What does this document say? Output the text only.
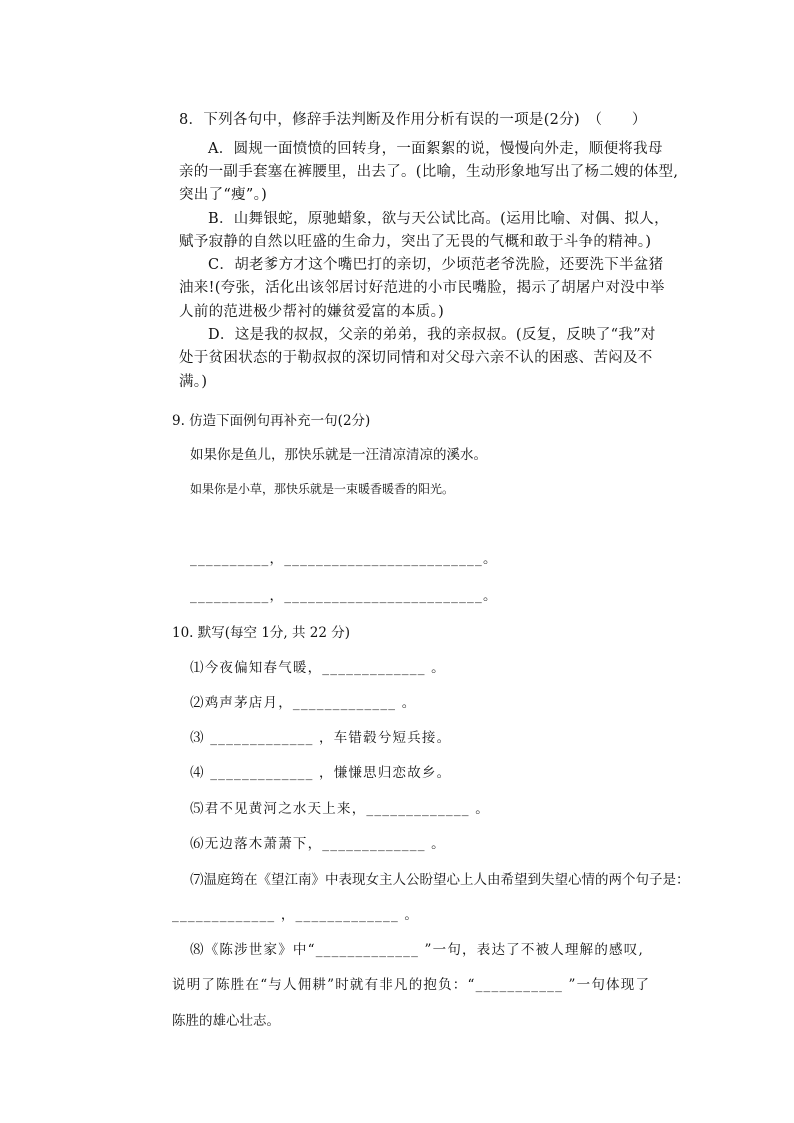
8．下列各句中，修辞手法判断及作用分析有误的一项是(2分)　（　　）
A．圆规一面愤愤的回转身，一面絮絮的说，慢慢向外走，顺便将我母
亲的一副手套塞在裤腰里，出去了。(比喻，生动形象地写出了杨二嫂的体型,
突出了“瘦”。)
B．山舞银蛇，原驰蜡象，欲与天公试比高。(运用比喻、对偶、拟人，
赋予寂静的自然以旺盛的生命力，突出了无畏的气概和敢于斗争的精神。)
C．胡老爹方才这个嘴巴打的亲切，少顷范老爷洗脸，还要洗下半盆猪
油来!(夸张，活化出该邻居讨好范进的小市民嘴脸，揭示了胡屠户对没中举
人前的范进极少帮衬的嫌贫爱富的本质。)
D．这是我的叔叔，父亲的弟弟，我的亲叔叔。(反复，反映了“我”对
处于贫困状态的于勒叔叔的深切同情和对父母六亲不认的困惑、苦闷及不
满。)
9. 仿造下面例句再补充一句(2分)
如果你是鱼儿，那快乐就是一汪清凉清凉的溪水。
如果你是小草，那快乐就是一束暖香暖香的阳光。
__________，_________________________。
__________，_________________________。
10. 默写(每空 1分, 共 22 分)
⑴今夜偏知春气暖，_____________ 。
⑵鸡声茅店月，_____________ 。
⑶ _____________ ，车错毂兮短兵接。
⑷ _____________ ，慊慊思归恋故乡。
⑸君不见黄河之水天上来，_____________ 。
⑹无边落木萧萧下，_____________ 。
⑺温庭筠在《望江南》中表现女主人公盼望心上人由希望到失望心情的两个句子是：
_____________ ，_____________ 。
⑻《陈涉世家》中“_____________ ”一句，表达了不被人理解的感叹,
说明了陈胜在“与人佣耕”时就有非凡的抱负：“___________ ”一句体现了
陈胜的雄心壮志。
